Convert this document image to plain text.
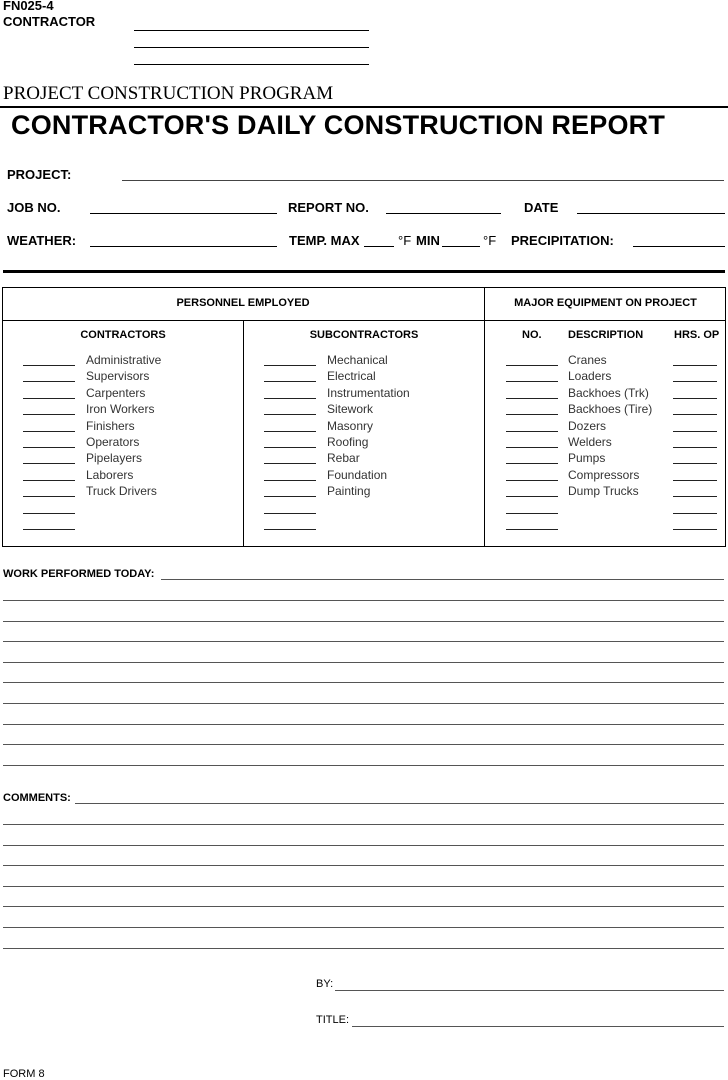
FN025-4
CONTRACTOR
PROJECT CONSTRUCTION PROGRAM
CONTRACTOR'S DAILY CONSTRUCTION REPORT
PROJECT:
JOB NO.	REPORT NO.	DATE
WEATHER:	TEMP. MAX	°F MIN	°F PRECIPITATION:
PERSONNEL EMPLOYED	MAJOR EQUIPMENT ON PROJECT
CONTRACTORS	SUBCONTRACTORS	NO. DESCRIPTION	HRS. OP
Administrative	Mechanical	Cranes
Supervisors	Electrical	Loaders
Carpenters	Instrumentation	Backhoes (Trk)
Iron Workers	Sitework	Backhoes (Tire)
Finishers	Masonry	Dozers
Operators	Roofing	Welders
Pipelayers	Rebar	Pumps
Laborers	Foundation	Compressors
Truck Drivers	Painting	Dump Trucks
WORK PERFORMED TODAY:
COMMENTS:
BY:
TITLE:
FORM 8
